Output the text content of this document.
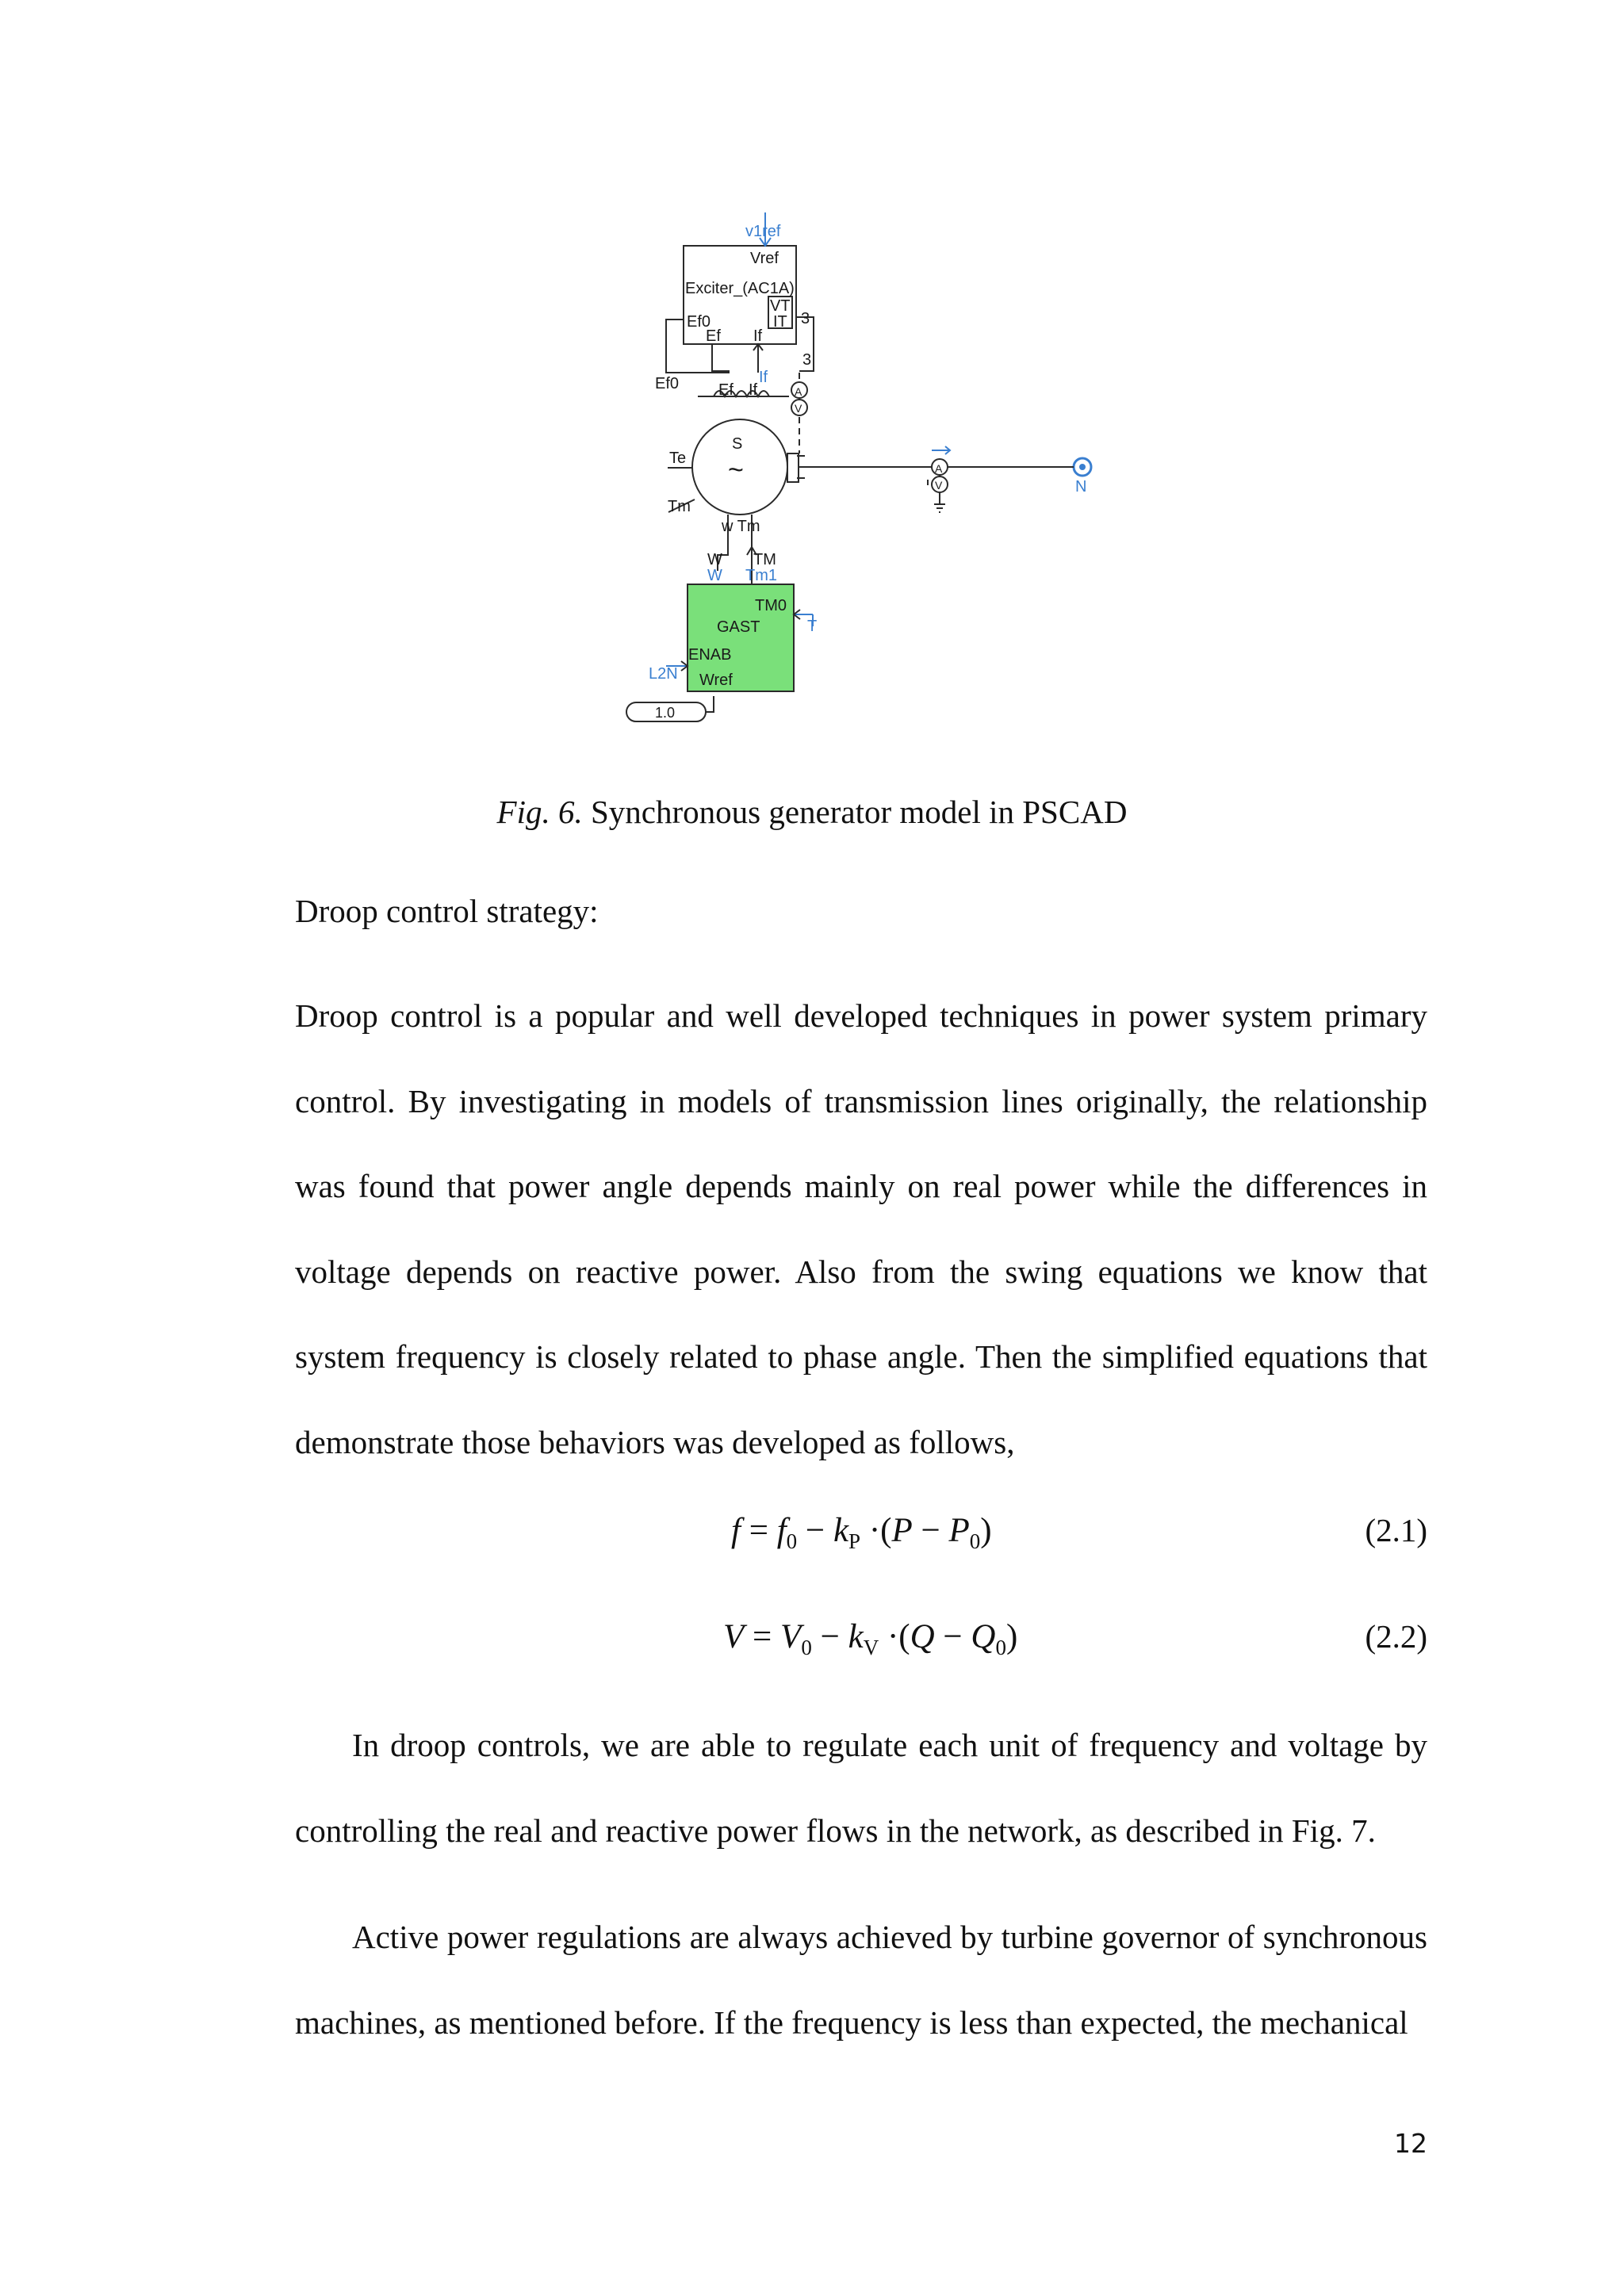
v1ref
Vref
Exciter_(AC1A)
VT
IT
Ef0
Ef If
3
3
Ef0 Ef If
If
S
~
Te
Tm
w Tm
W TM
W Tm1
TM0
GAST
ENAB
Wref
L2N
T
1.0
N
A
V
A
V
Fig. 6. Synchronous generator model in PSCAD
Droop control strategy:

Droop control is a popular and well developed techniques in power system primary control. By investigating in models of transmission lines originally, the relationship was found that power angle depends mainly on real power while the differences in voltage depends on reactive power. Also from the swing equations we know that system frequency is closely related to phase angle. Then the simplified equations that demonstrate those behaviors was developed as follows,

$f = f_0 - k_P \cdot(P - P_0)$	(2.1)
$V = V_0 - k_V \cdot(Q - Q_0)$	(2.2)

In droop controls, we are able to regulate each unit of frequency and voltage by controlling the real and reactive power flows in the network, as described in Fig. 7.

Active power regulations are always achieved by turbine governor of synchronous machines, as mentioned before. If the frequency is less than expected, the mechanical

12
